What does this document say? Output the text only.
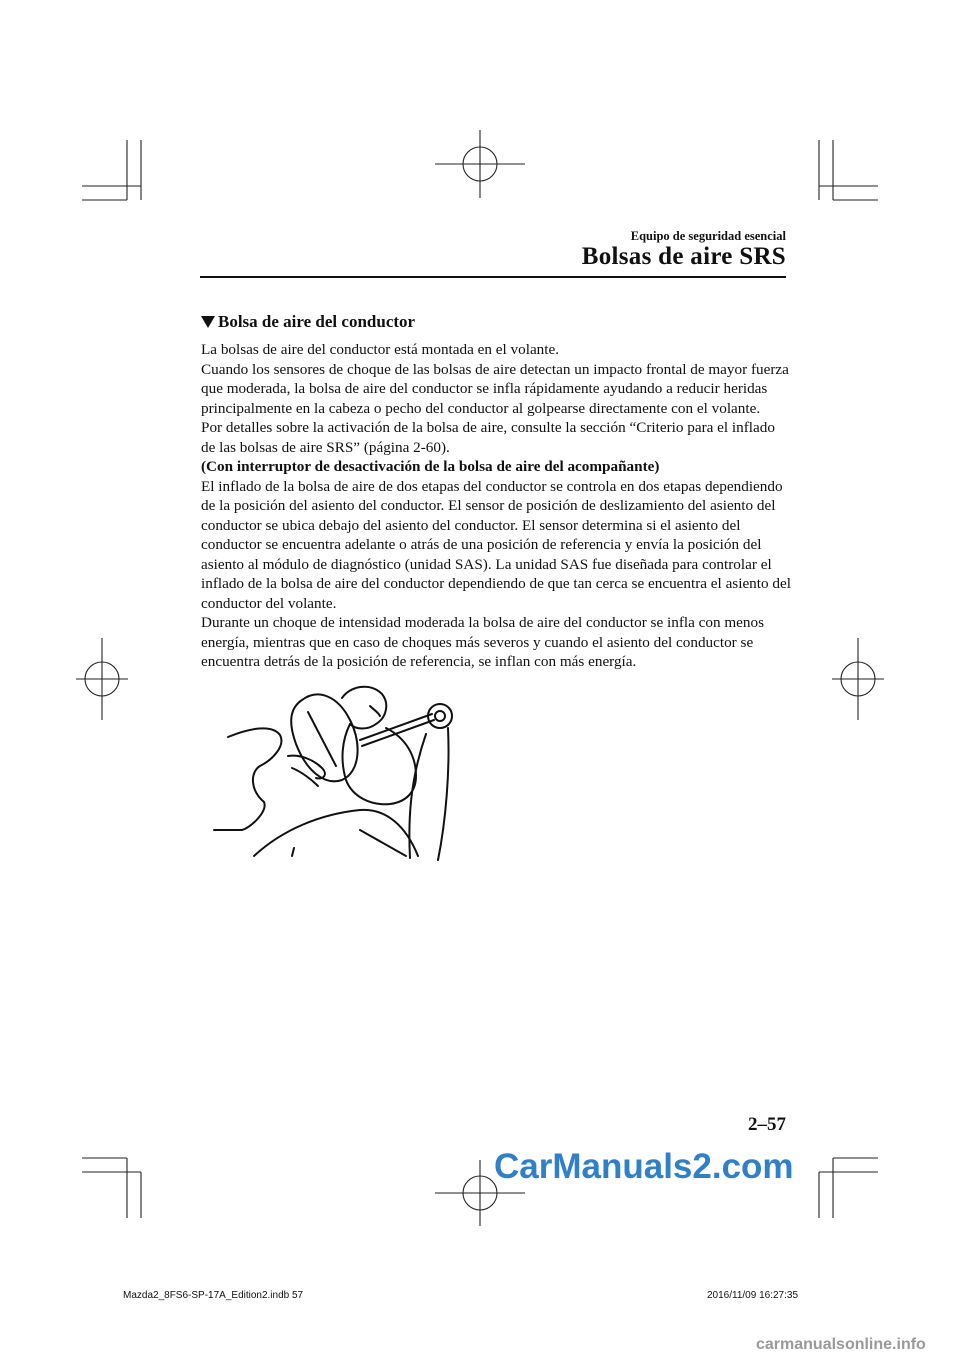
Equipo de seguridad esencial
Bolsas de aire SRS
Bolsa de aire del conductor

La bolsas de aire del conductor está montada en el volante.

Cuando los sensores de choque de las bolsas de aire detectan un impacto frontal de mayor fuerza que moderada, la bolsa de aire del conductor se infla rápidamente ayudando a reducir heridas principalmente en la cabeza o pecho del conductor al golpearse directamente con el volante.

Por detalles sobre la activación de la bolsa de aire, consulte la sección “Criterio para el inflado de las bolsas de aire SRS” (página 2-60).

(Con interruptor de desactivación de la bolsa de aire del acompañante)

El inflado de la bolsa de aire de dos etapas del conductor se controla en dos etapas dependiendo de la posición del asiento del conductor. El sensor de posición de deslizamiento del asiento del conductor se ubica debajo del asiento del conductor. El sensor determina si el asiento del conductor se encuentra adelante o atrás de una posición de referencia y envía la posición del asiento al módulo de diagnóstico (unidad SAS). La unidad SAS fue diseñada para controlar el inflado de la bolsa de aire del conductor dependiendo de que tan cerca se encuentra el asiento del conductor del volante.

Durante un choque de intensidad moderada la bolsa de aire del conductor se infla con menos energía, mientras que en caso de choques más severos y cuando el asiento del conductor se encuentra detrás de la posición de referencia, se inflan con más energía.

2–57
CarManuals2.com
Mazda2_8FS6-SP-17A_Edition2.indb 57	2016/11/09 16:27:35
carmanualsonline.info
